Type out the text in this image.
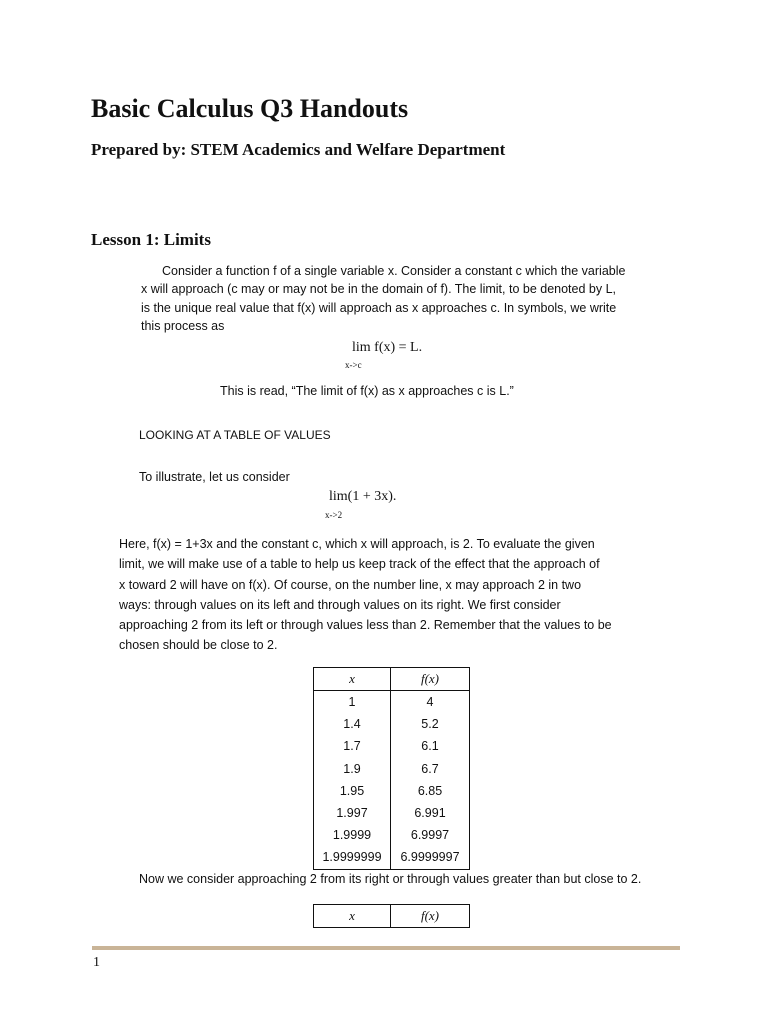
Basic Calculus Q3 Handouts
Prepared by: STEM Academics and Welfare Department
Lesson 1: Limits
Consider a function f of a single variable x. Consider a constant c which the variable
x will approach (c may or may not be in the domain of f). The limit, to be denoted by L,
is the unique real value that f(x) will approach as x approaches c. In symbols, we write
this process as
lim f(x) = L.
x->c
This is read, “The limit of f(x) as x approaches c is L.”
LOOKING AT A TABLE OF VALUES
To illustrate, let us consider
lim(1 + 3x).
x->2
Here, f(x) = 1+3x and the constant c, which x will approach, is 2. To evaluate the given
limit, we will make use of a table to help us keep track of the effect that the approach of
x toward 2 will have on f(x). Of course, on the number line, x may approach 2 in two
ways: through values on its left and through values on its right. We first consider
approaching 2 from its left or through values less than 2. Remember that the values to be
chosen should be close to 2.
x	f(x)
1	4
1.4	5.2
1.7	6.1
1.9	6.7
1.95	6.85
1.997	6.991
1.9999	6.9997
1.9999999	6.9999997
Now we consider approaching 2 from its right or through values greater than but close to 2.
x	f(x)
1
